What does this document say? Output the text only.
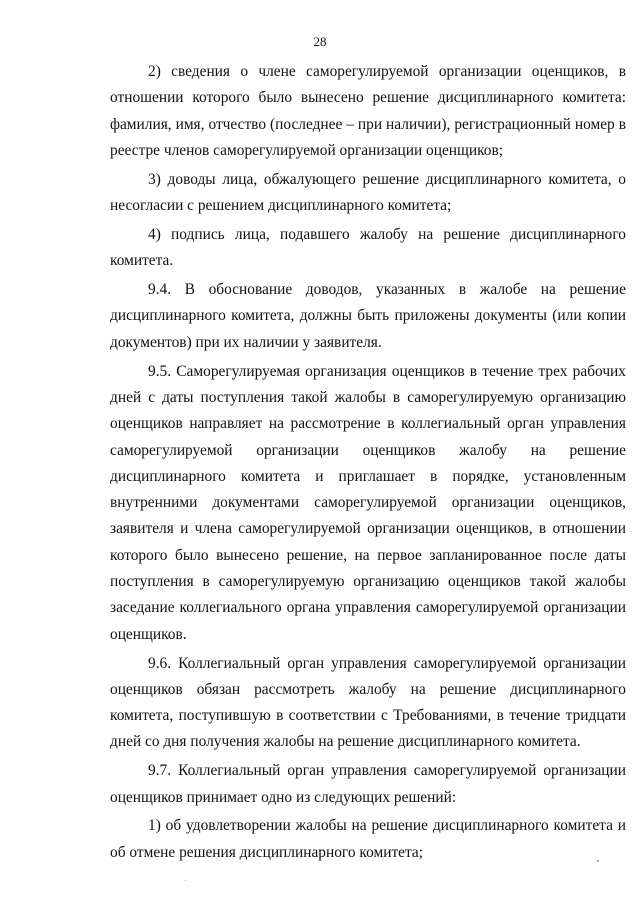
28

2) сведения о члене саморегулируемой организации оценщиков, в отношении которого было вынесено решение дисциплинарного комитета: фамилия, имя, отчество (последнее – при наличии), регистрационный номер в реестре членов саморегулируемой организации оценщиков;

3) доводы лица, обжалующего решение дисциплинарного комитета, о несогласии с решением дисциплинарного комитета;

4) подпись лица, подавшего жалобу на решение дисциплинарного комитета.

9.4. В обоснование доводов, указанных в жалобе на решение дисциплинарного комитета, должны быть приложены документы (или копии документов) при их наличии у заявителя.

9.5. Саморегулируемая организация оценщиков в течение трех рабочих дней с даты поступления такой жалобы в саморегулируемую организацию оценщиков направляет на рассмотрение в коллегиальный орган управления саморегулируемой организации оценщиков жалобу на решение дисциплинарного комитета и приглашает в порядке, установленным внутренними документами саморегулируемой организации оценщиков, заявителя и члена саморегулируемой организации оценщиков, в отношении которого было вынесено решение, на первое запланированное после даты поступления в саморегулируемую организацию оценщиков такой жалобы заседание коллегиального органа управления саморегулируемой организации оценщиков.

9.6. Коллегиальный орган управления саморегулируемой организации оценщиков обязан рассмотреть жалобу на решение дисциплинарного комитета, поступившую в соответствии с Требованиями, в течение тридцати дней со дня получения жалобы на решение дисциплинарного комитета.

9.7. Коллегиальный орган управления саморегулируемой организации оценщиков принимает одно из следующих решений:

1) об удовлетворении жалобы на решение дисциплинарного комитета и об отмене решения дисциплинарного комитета;
